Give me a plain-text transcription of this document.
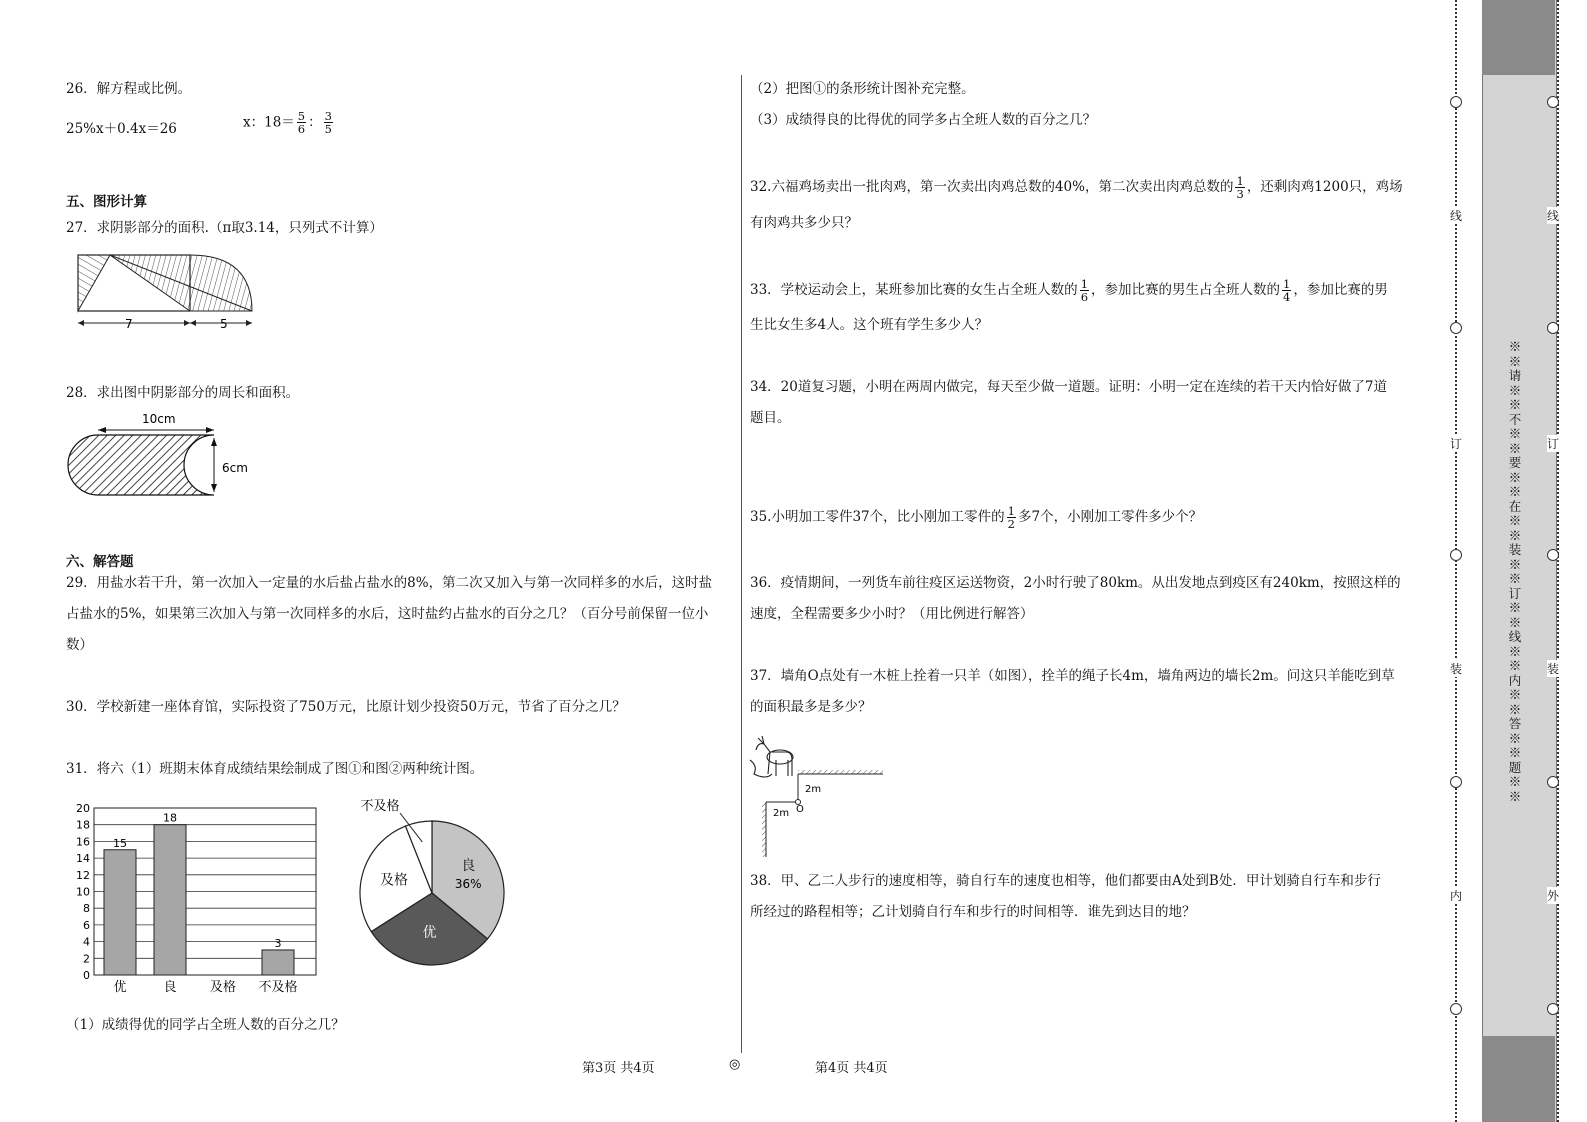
26．解方程或比例。
25%x＋0.4x＝26	x：$18= \frac{5}{6}$ ： $\frac{3}{5}$
五、图形计算
27．求阴影部分的面积.（π取3.14，只列式不计算）
7	5
28．求出图中阴影部分的周长和面积。
10cm
6cm
六、解答题
29．用盐水若干升，第一次加入一定量的水后盐占盐水的8%，第二次又加入与第一次同样多的水后，这时盐
占盐水的5%，如果第三次加入与第一次同样多的水后，这时盐约占盐水的百分之几？（百分号前保留一位小
数）
30．学校新建一座体育馆，实际投资了750万元，比原计划少投资50万元，节省了百分之几？
31．将六（1）班期末体育成绩结果绘制成了图①和图②两种统计图。
0
2
4
6
8
10
12
14
16
18
20
15
优
18
良	及格
3
不及格
良
优
及格	36%
不及格
（1）成绩得优的同学占全班人数的百分之几？
（2）把图①的条形统计图补充完整。
（3）成绩得良的比得优的同学多占全班人数的百分之几？
32.六福鸡场卖出一批肉鸡，第一次卖出肉鸡总数的40%，第二次卖出肉鸡总数的 $\frac{1}{3}$ ，还剩肉鸡1200只，鸡场
有肉鸡共多少只？
33．学校运动会上，某班参加比赛的女生占全班人数的 $\frac{1}{6}$ ，参加比赛的男生占全班人数的 $\frac{1}{4}$ ，参加比赛的男
生比女生多4人。这个班有学生多少人？
34．20道复习题，小明在两周内做完，每天至少做一道题。证明：小明一定在连续的若干天内恰好做了7道
题目。
35.小明加工零件37个，比小刚加工零件的 $\frac{1}{2}$ 多7个，小刚加工零件多少个？
36．疫情期间，一列货车前往疫区运送物资，2小时行驶了80km。从出发地点到疫区有240km，按照这样的
速度，全程需要多少小时？（用比例进行解答）
37．墙角O点处有一木桩上拴着一只羊（如图），拴羊的绳子长4m，墙角两边的墙长2m。问这只羊能吃到草
的面积最多是多少？
2m
2m O
38．甲、乙二人步行的速度相等，骑自行车的速度也相等，他们都要由A处到B处．甲计划骑自行车和步行
所经过的路程相等；乙计划骑自行车和步行的时间相等．谁先到达目的地？
第3页 共4页	◎	第4页 共4页
线
订
装
内
※※请※※不※※要※※在※※装※※订※※线※※内※※答※※题※※
线
订
装
外
